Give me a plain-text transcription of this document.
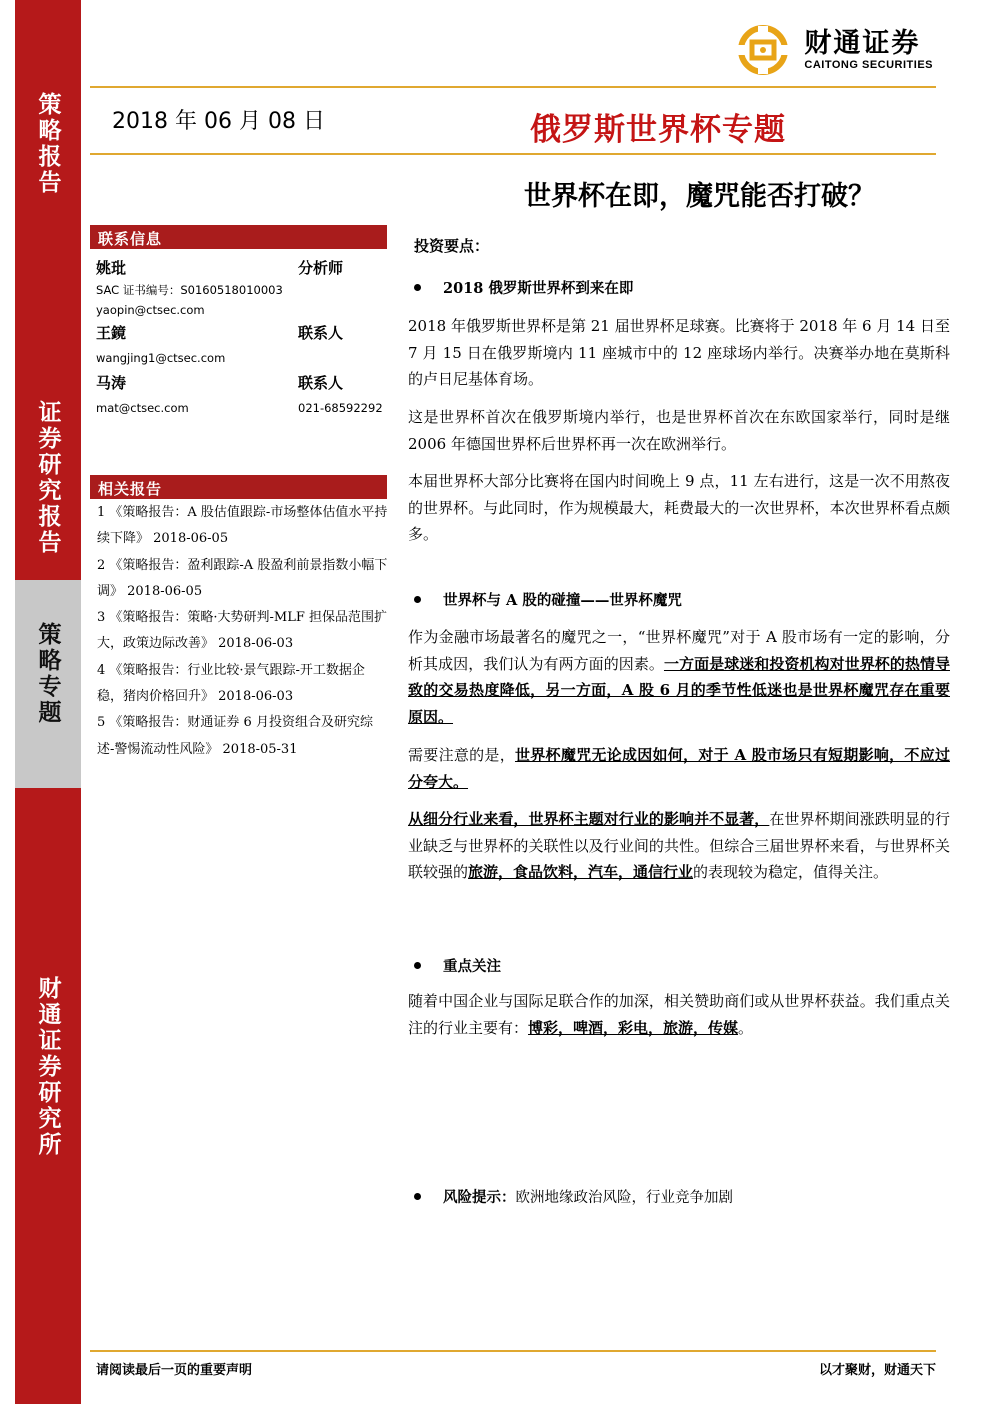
策略报告
证券研究报告
策略专题
财通证券研究所
财通证券
CAITONG SECURITIES
2018 年 06 月 08 日	俄罗斯世界杯专题
世界杯在即，魔咒能否打破？
联系信息
姚玭	分析师
SAC 证书编号：S0160518010003
yaopin@ctsec.com
王鏡	联系人
wangjing1@ctsec.com
马涛	联系人
mat@ctsec.com	021-68592292
相关报告
1 《策略报告：A 股估值跟踪-市场整体估值水平持续下降》 2018-06-05
2 《策略报告：盈利跟踪-A 股盈利前景指数小幅下调》 2018-06-05
3 《策略报告：策略·大势研判-MLF 担保品范围扩大，政策边际改善》 2018-06-03
4 《策略报告：行业比较·景气跟踪-开工数据企稳，猪肉价格回升》 2018-06-03
5 《策略报告：财通证券 6 月投资组合及研究综述-警惕流动性风险》 2018-05-31
投资要点：
2018 俄罗斯世界杯到来在即

2018 年俄罗斯世界杯是第 21 届世界杯足球赛。比赛将于 2018 年 6 月 14 日至 7 月 15 日在俄罗斯境内 11 座城市中的 12 座球场内举行。决赛举办地在莫斯科的卢日尼基体育场。

这是世界杯首次在俄罗斯境内举行，也是世界杯首次在东欧国家举行，同时是继 2006 年德国世界杯后世界杯再一次在欧洲举行。

本届世界杯大部分比赛将在国内时间晚上 9 点，11 左右进行，这是一次不用熬夜的世界杯。与此同时，作为规模最大，耗费最大的一次世界杯，本次世界杯看点颇多。

世界杯与 A 股的碰撞——世界杯魔咒

作为金融市场最著名的魔咒之一，“世界杯魔咒”对于 A 股市场有一定的影响，分析其成因，我们认为有两方面的因素。一方面是球迷和投资机构对世界杯的热情导致的交易热度降低，另一方面，A 股 6 月的季节性低迷也是世界杯魔咒存在重要原因。

需要注意的是，世界杯魔咒无论成因如何，对于 A 股市场只有短期影响，不应过分夸大。

从细分行业来看，世界杯主题对行业的影响并不显著，在世界杯期间涨跌明显的行业缺乏与世界杯的关联性以及行业间的共性。但综合三届世界杯来看，与世界杯关联较强的旅游，食品饮料，汽车，通信行业的表现较为稳定，值得关注。

重点关注

随着中国企业与国际足联合作的加深，相关赞助商们或从世界杯获益。我们重点关注的行业主要有：博彩，啤酒，彩电，旅游，传媒。

风险提示： 欧洲地缘政治风险，行业竞争加剧
请阅读最后一页的重要声明	以才聚财，财通天下
